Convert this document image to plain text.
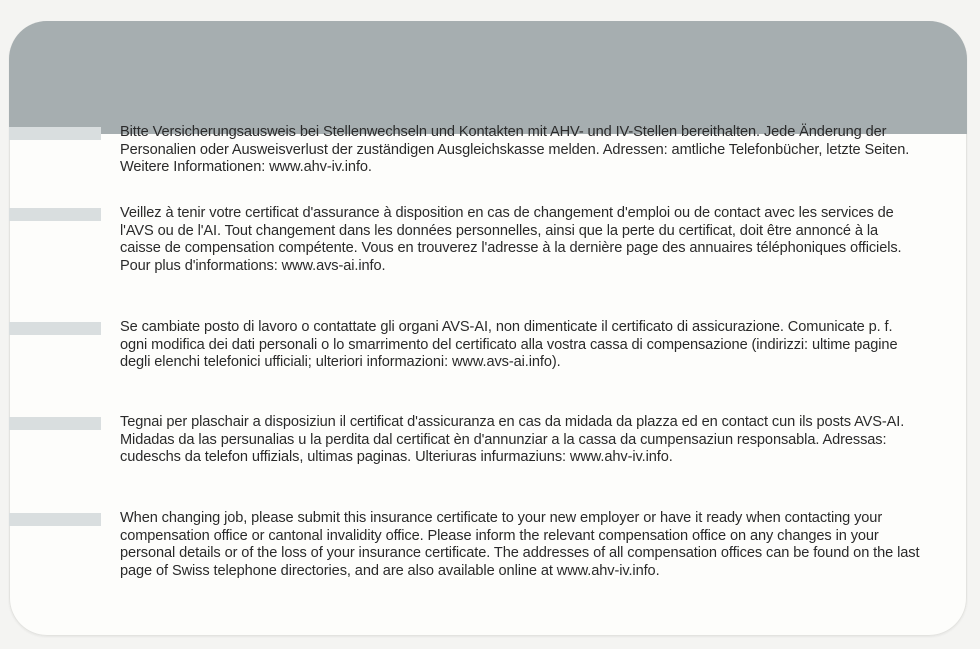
Bitte Versicherungsausweis bei Stellenwechseln und Kontakten mit AHV- und IV-Stellen bereithalten. Jede Änderung der Personalien oder Ausweisverlust der zuständigen Ausgleichskasse melden. Adressen: amtliche Telefonbücher, letzte Seiten. Weitere Informationen: www.ahv-iv.info.

Veillez à tenir votre certificat d'assurance à disposition en cas de changement d'emploi ou de contact avec les services de l'AVS ou de l'AI. Tout changement dans les données personnelles, ainsi que la perte du certificat, doit être annoncé à la caisse de compensation compétente. Vous en trouverez l'adresse à la dernière page des annuaires téléphoniques officiels. Pour plus d'informations: www.avs-ai.info.

Se cambiate posto di lavoro o contattate gli organi AVS-AI, non dimenticate il certificato di assicurazione. Comunicate p. f. ogni modifica dei dati personali o lo smarrimento del certificato alla vostra cassa di compensazione (indirizzi: ultime pagine degli elenchi telefonici ufficiali; ulteriori informazioni: www.avs-ai.info).

Tegnai per plaschair a disposiziun il certificat d'assicuranza en cas da midada da plazza ed en contact cun ils posts AVS-AI. Midadas da las persunalias u la perdita dal certificat èn d'annunziar a la cassa da cumpensaziun responsabla. Adressas: cudeschs da telefon uffizials, ultimas paginas. Ulteriuras infurmaziuns: www.ahv-iv.info.

When changing job, please submit this insurance certificate to your new employer or have it ready when contacting your compensation office or cantonal invalidity office. Please inform the relevant compensation office on any changes in your personal details or of the loss of your insurance certificate. The addresses of all compensation offices can be found on the last page of Swiss telephone directories, and are also available online at www.ahv-iv.info.
